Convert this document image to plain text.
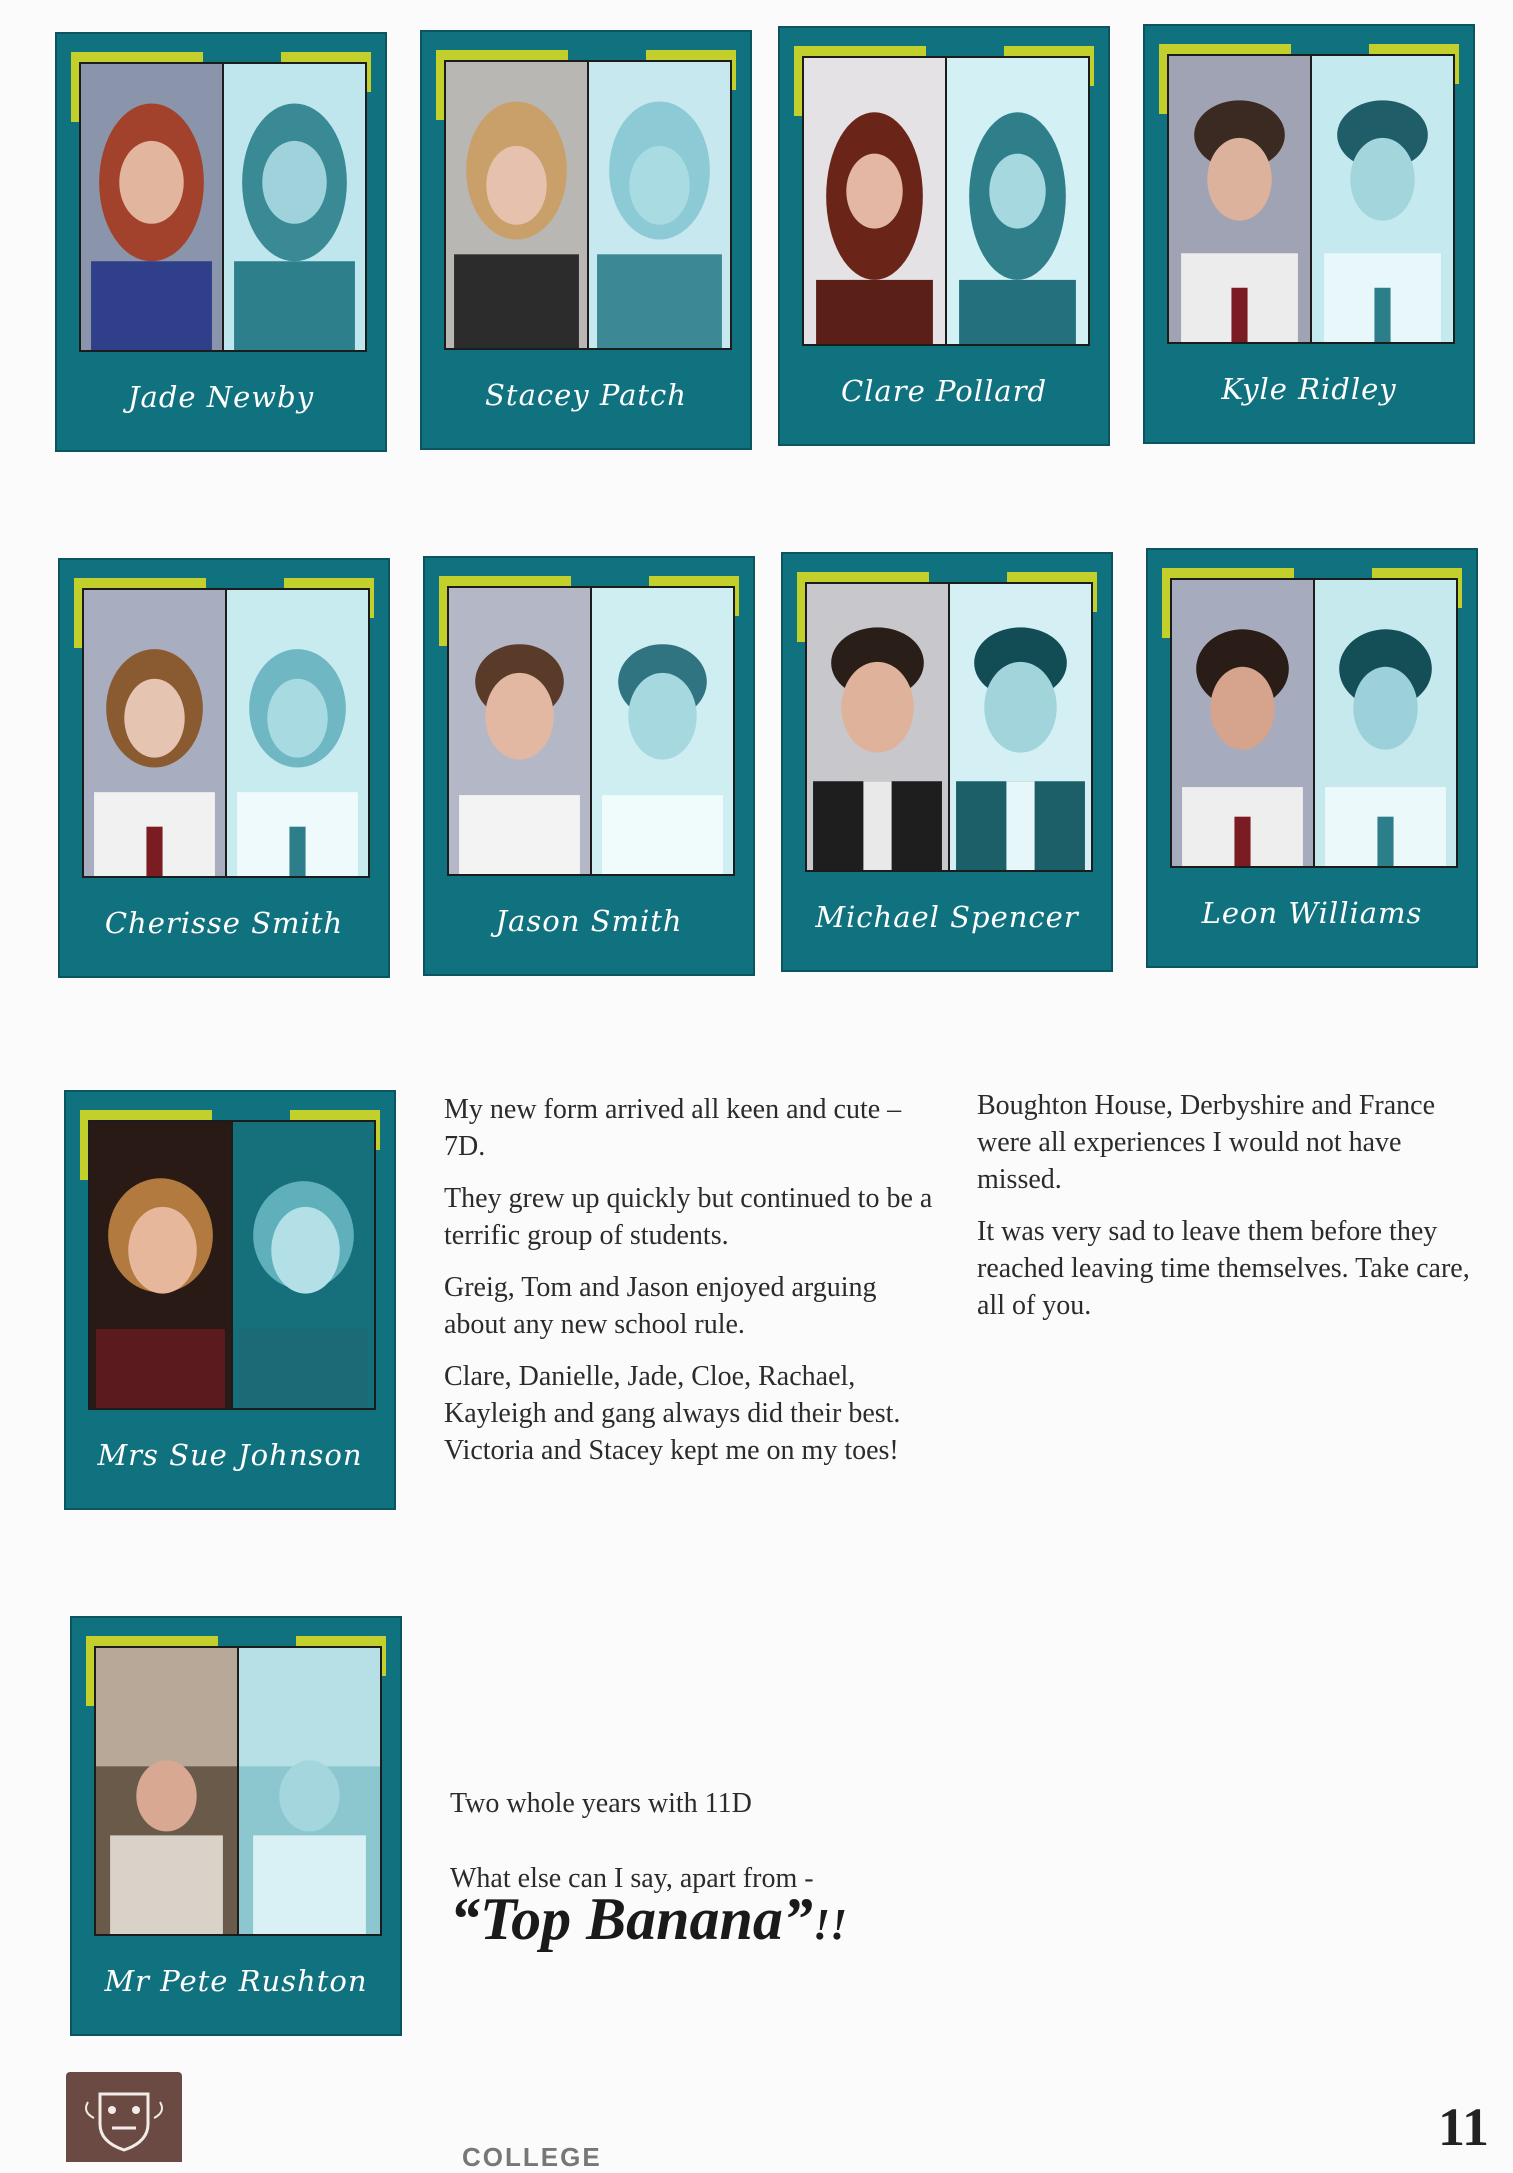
Jade Newby	Stacey Patch	Clare Pollard	Kyle Ridley
Cherisse Smith	Jason Smith	Michael Spencer	Leon Williams
Mrs Sue Johnson

My new form arrived all keen and cute – 7D.

They grew up quickly but continued to be a terrific group of students.

Greig, Tom and Jason enjoyed arguing about any new school rule.

Clare, Danielle, Jade, Cloe, Rachael, Kayleigh and gang always did their best. Victoria and Stacey kept me on my toes!

Boughton House, Derbyshire and France were all experiences I would not have missed.

It was very sad to leave them before they reached leaving time themselves. Take care, all of you.

Mr Pete Rushton

Two whole years with 11D

What else can I say, apart from -

“Top Banana”!!
COLLEGE	11
